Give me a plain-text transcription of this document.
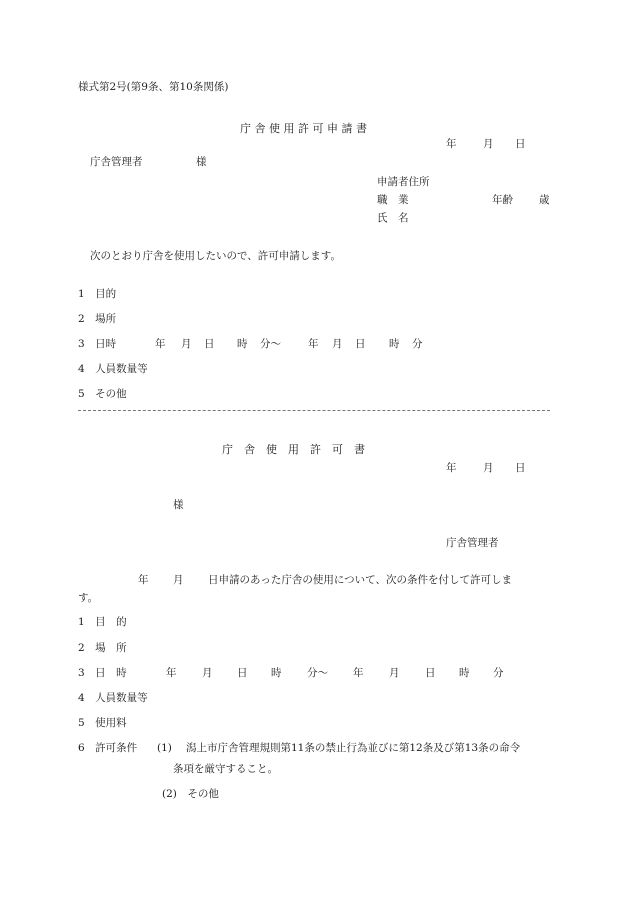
様式第2号(第9条、第10条関係)
庁 舎 使 用 許 可 申 請 書
年	月 日
庁舎管理者	様
申請者住所
職　業	年齢 歳
氏　名
次のとおり庁舎を使用したいので、許可申請します。
1　目的
2　場所
3　日時	年 月 日 時 分〜	年 月 日 時 分
4　人員数量等
5　その他
庁　舎　使　用　許　可　書
年	月 日
様
庁舎管理者
年 月 日申請のあった庁舎の使用について、次の条件を付して許可しま
す。
1　目　的
2　場　所
3　日　時	年 月 日 時 分〜 年 月 日 時 分
4　人員数量等
5　使用料
6　許可条件 (1) 潟上市庁舎管理規則第11条の禁止行為並びに第12条及び第13条の命令
条項を厳守すること。
(2)　その他
